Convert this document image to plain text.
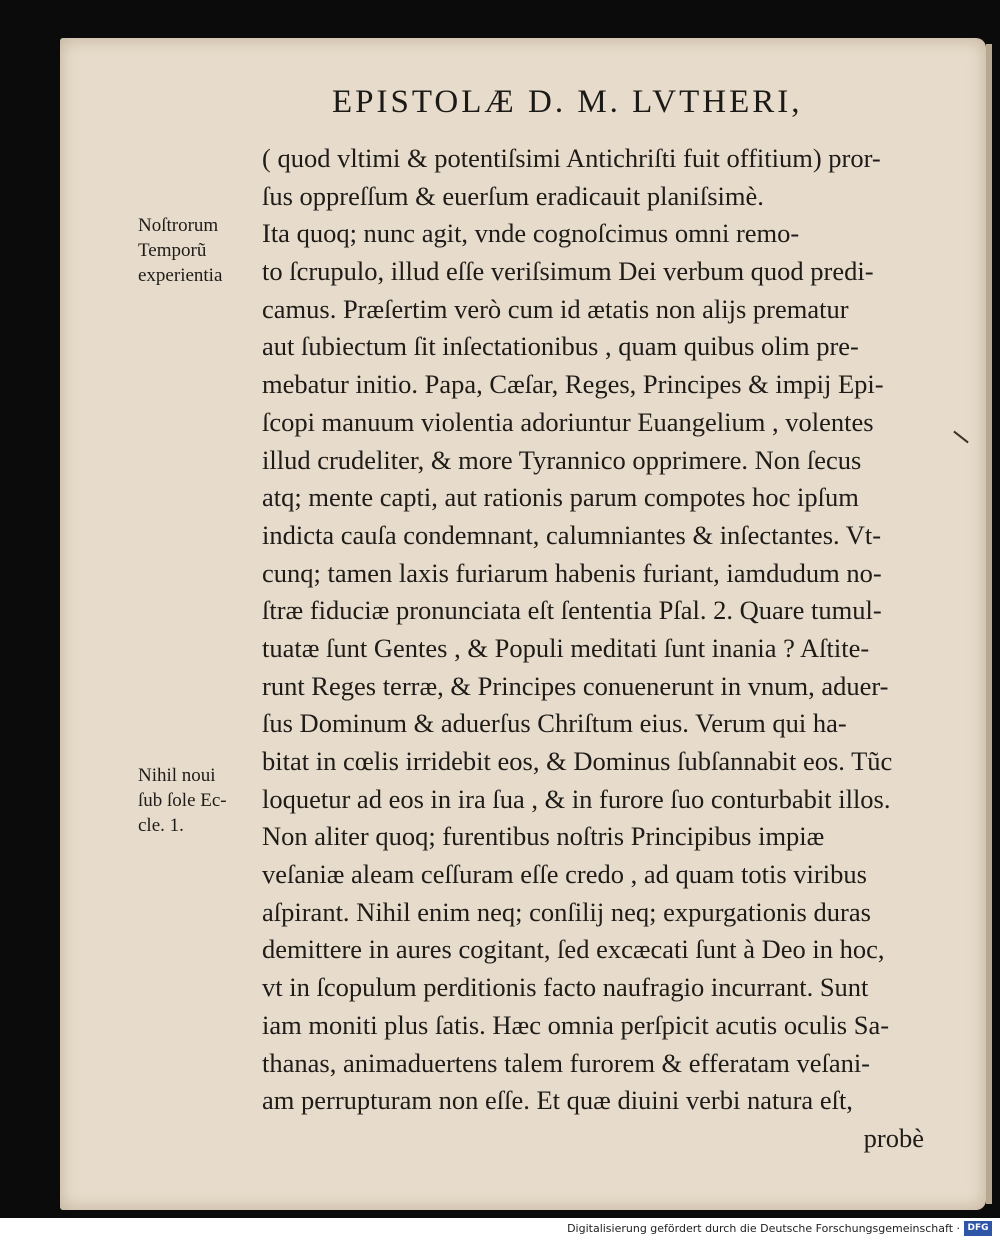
EPISTOLÆ D. M. LVTHERI,
( quod vltimi & potentiſsimi Antichriſti fuit offitium) pror-
ſus oppreſſum & euerſum eradicauit planiſsimè.
Ita quoq; nunc agit, vnde cognoſcimus omni remo-
to ſcrupulo, illud eſſe veriſsimum Dei verbum quod predi-
camus. Præſertim verò cum id ætatis non alijs prematur
aut ſubiectum ſit inſectationibus , quam quibus olim pre-
mebatur initio. Papa, Cæſar, Reges, Principes & impij Epi-
ſcopi manuum violentia adoriuntur Euangelium , volentes
illud crudeliter, & more Tyrannico opprimere. Non ſecus
atq; mente capti, aut rationis parum compotes hoc ipſum
indicta cauſa condemnant, calumniantes & inſectantes. Vt-
cunq; tamen laxis furiarum habenis furiant, iamdudum no-
ſtræ fiduciæ pronunciata eſt ſententia Pſal. 2. Quare tumul-
tuatæ ſunt Gentes , & Populi meditati ſunt inania ? Aſtite-
runt Reges terræ, & Principes conuenerunt in vnum, aduer-
ſus Dominum & aduerſus Chriſtum eius. Verum qui ha-
bitat in cœlis irridebit eos, & Dominus ſubſannabit eos. Tũc
loquetur ad eos in ira ſua , & in furore ſuo conturbabit illos.
Non aliter quoq; furentibus noſtris Principibus impiæ
veſaniæ aleam ceſſuram eſſe credo , ad quam totis viribus
aſpirant. Nihil enim neq; conſilij neq; expurgationis duras
demittere in aures cogitant, ſed excæcati ſunt à Deo in hoc,
vt in ſcopulum perditionis facto naufragio incurrant. Sunt
iam moniti plus ſatis. Hæc omnia perſpicit acutis oculis Sa-
thanas, animaduertens talem furorem & efferatam veſani-
am perrupturam non eſſe. Et quæ diuini verbi natura eſt,
probè
Noſtrorum
Temporũ
experientia
Nihil noui
ſub ſole Ec-
cle. 1.
Digitalisierung gefördert durch die Deutsche Forschungsgemeinschaft · DFG
